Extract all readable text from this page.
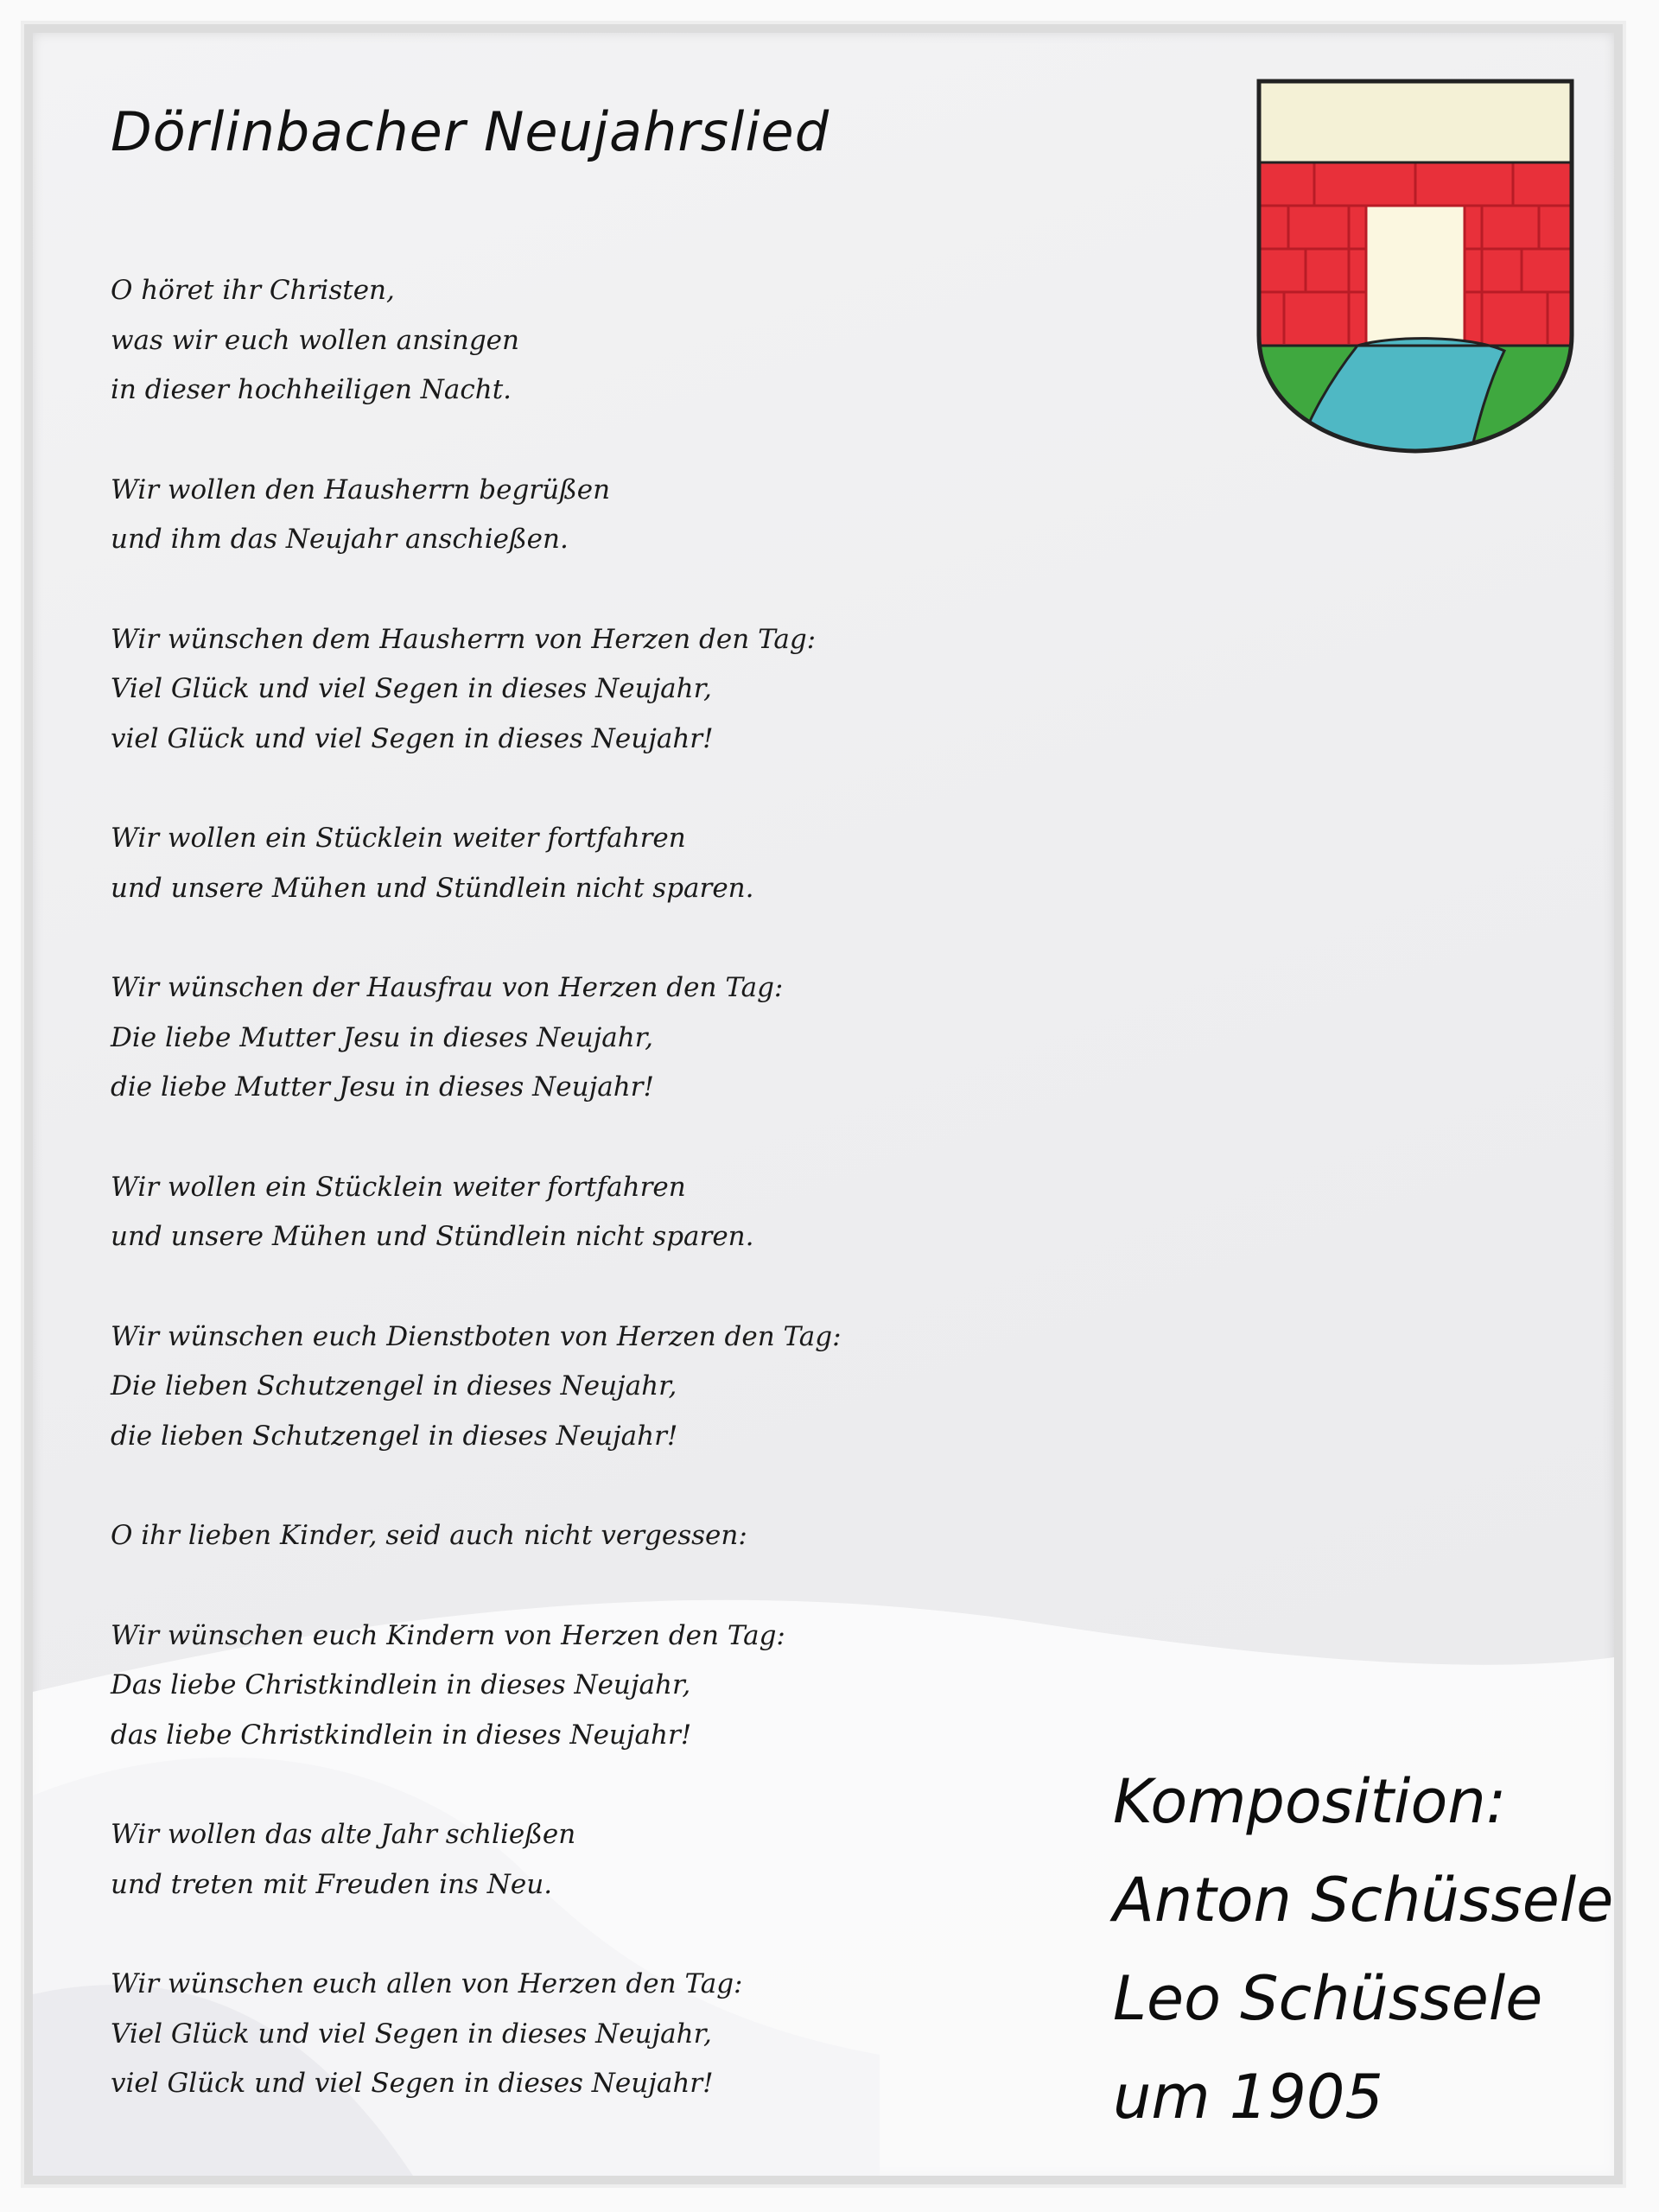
Dörlinbacher Neujahrslied
O höret ihr Christen,
was wir euch wollen ansingen
in dieser hochheiligen Nacht.
Wir wollen den Hausherrn begrüßen
und ihm das Neujahr anschießen.
Wir wünschen dem Hausherrn von Herzen den Tag:
Viel Glück und viel Segen in dieses Neujahr,
viel Glück und viel Segen in dieses Neujahr!
Wir wollen ein Stücklein weiter fortfahren
und unsere Mühen und Stündlein nicht sparen.
Wir wünschen der Hausfrau von Herzen den Tag:
Die liebe Mutter Jesu in dieses Neujahr,
die liebe Mutter Jesu in dieses Neujahr!
Wir wollen ein Stücklein weiter fortfahren
und unsere Mühen und Stündlein nicht sparen.
Wir wünschen euch Dienstboten von Herzen den Tag:
Die lieben Schutzengel in dieses Neujahr,
die lieben Schutzengel in dieses Neujahr!
O ihr lieben Kinder, seid auch nicht vergessen:
Wir wünschen euch Kindern von Herzen den Tag:
Das liebe Christkindlein in dieses Neujahr,
das liebe Christkindlein in dieses Neujahr!
Wir wollen das alte Jahr schließen
und treten mit Freuden ins Neu.
Wir wünschen euch allen von Herzen den Tag:
Viel Glück und viel Segen in dieses Neujahr,
viel Glück und viel Segen in dieses Neujahr!
Komposition:
Anton Schüssele
Leo Schüssele
um 1905
